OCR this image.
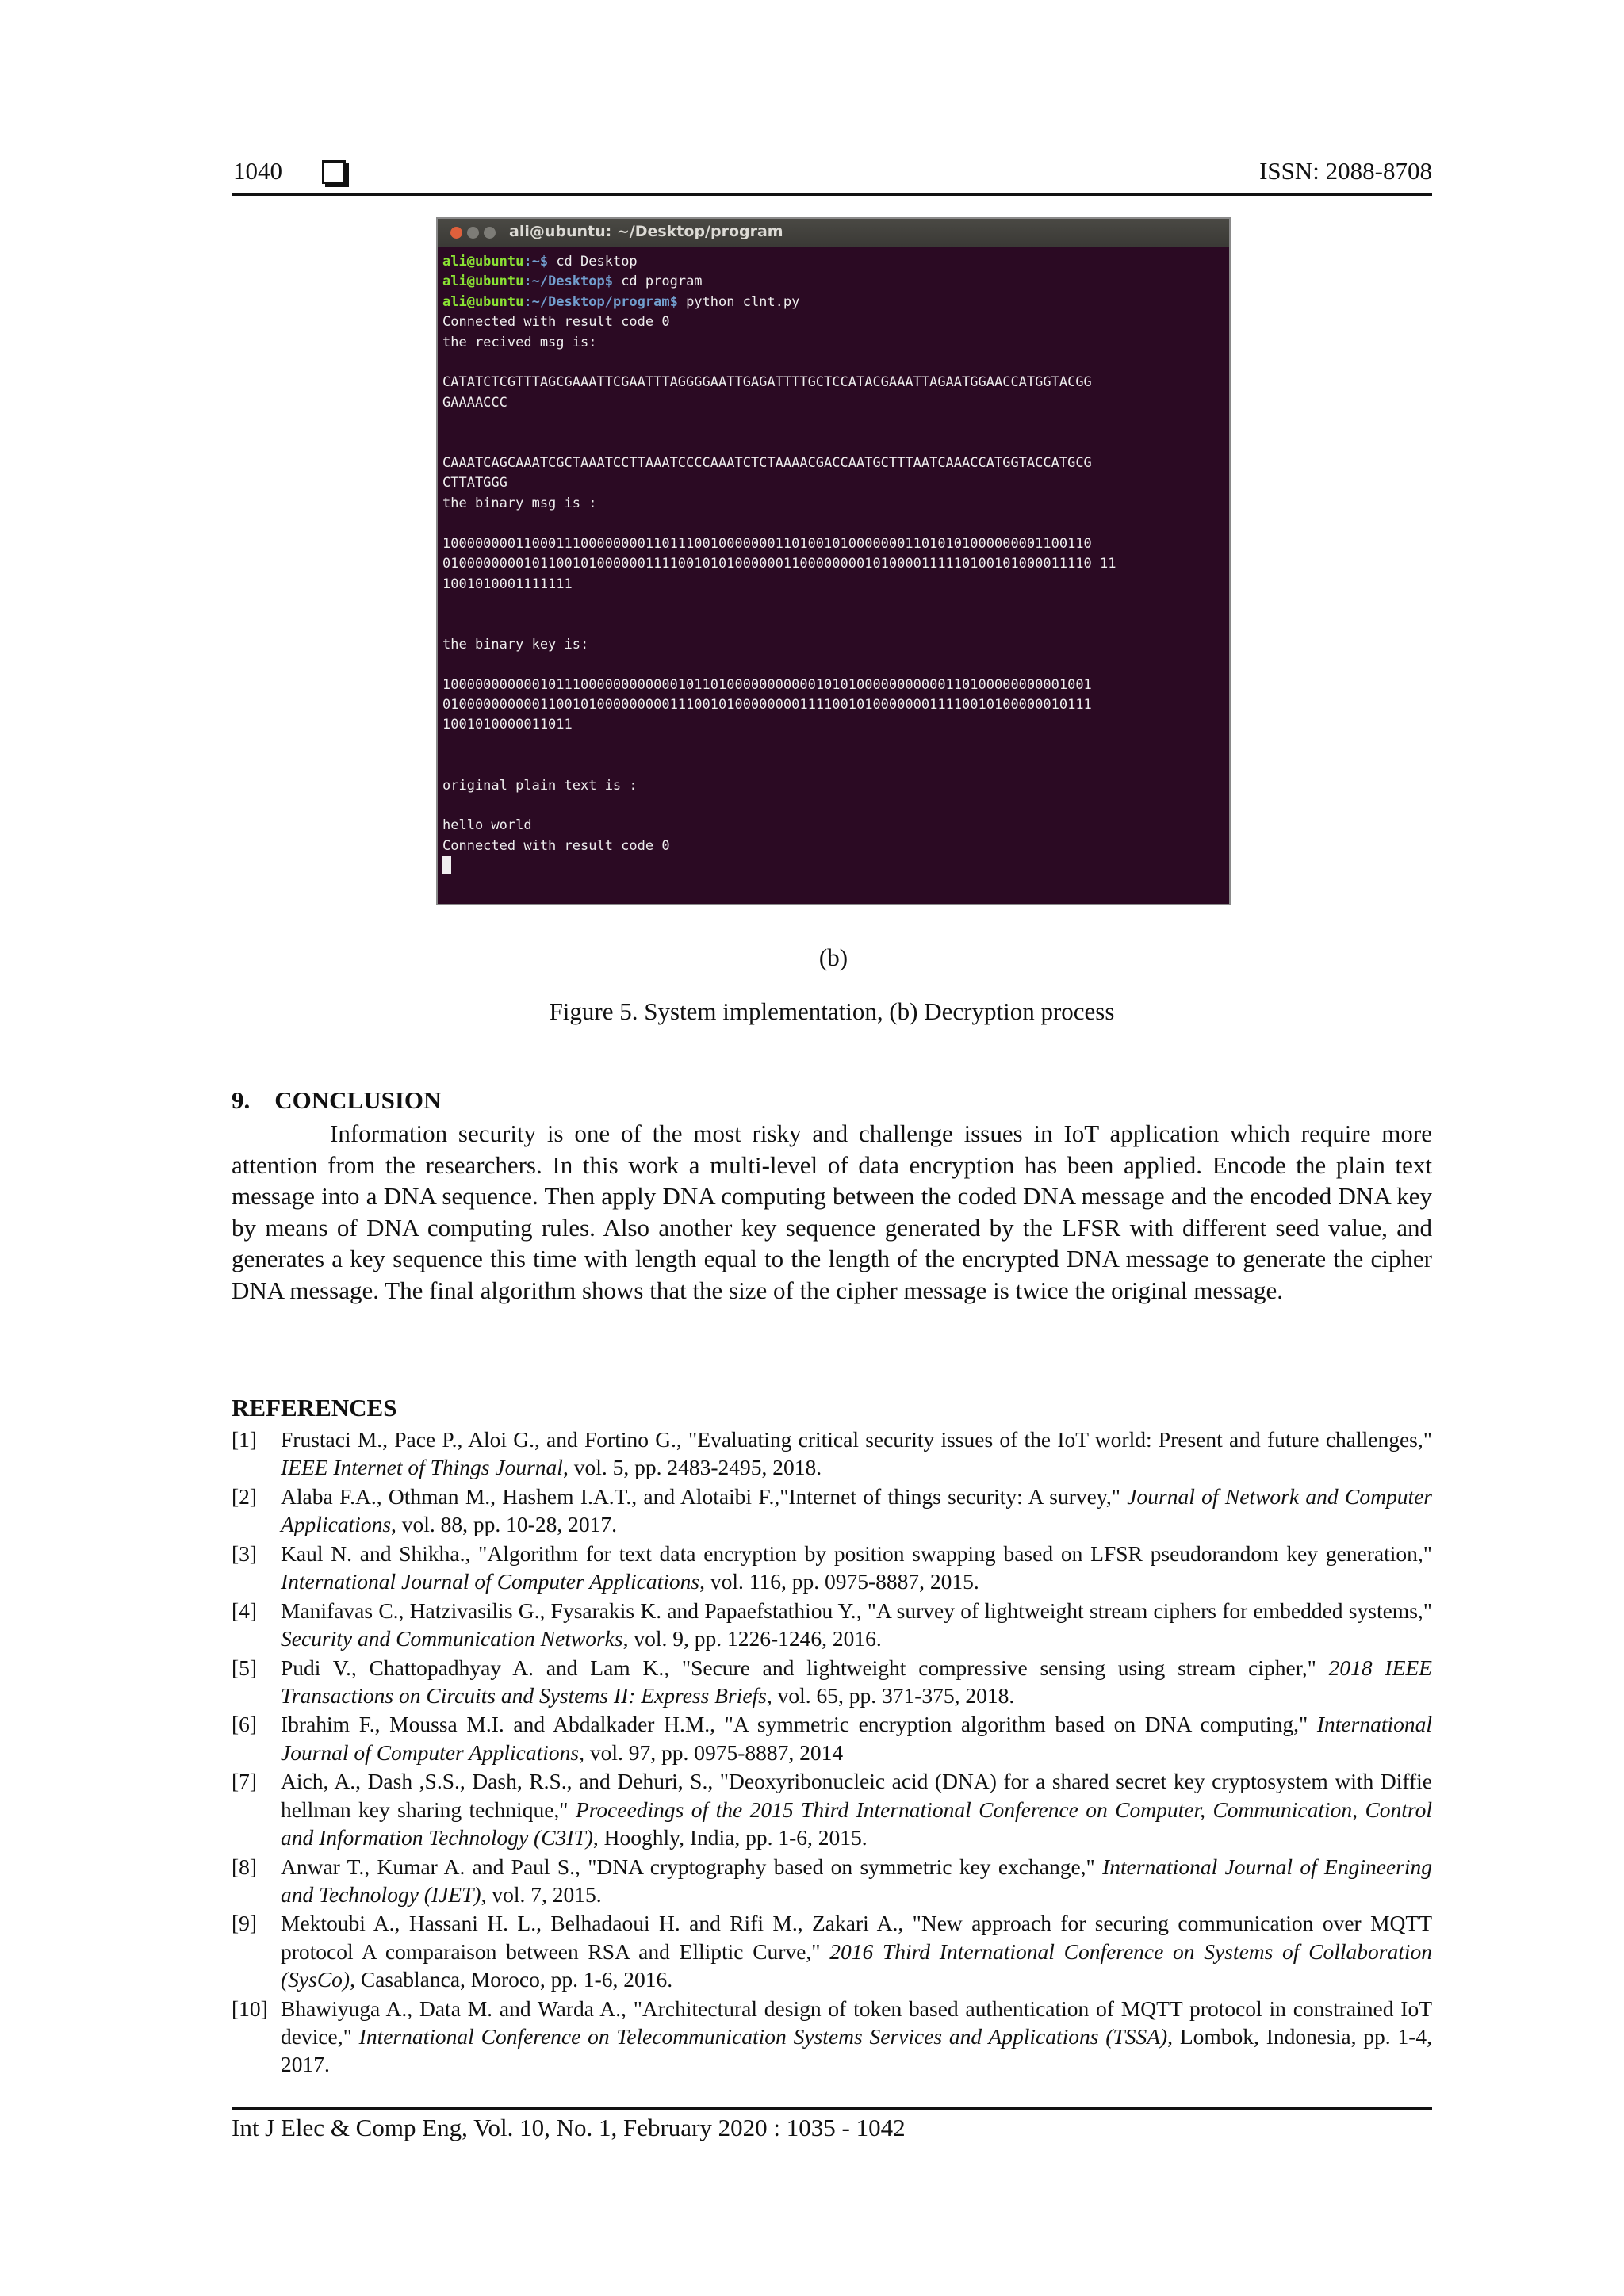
1040	ISSN: 2088-8708
ali@ubuntu: ~/Desktop/program
ali@ubuntu:~$ cd Desktop
ali@ubuntu:~/Desktop$ cd program
ali@ubuntu:~/Desktop/program$ python clnt.py
Connected with result code 0
the recived msg is:

CATATCTCGTTTAGCGAAATTCGAATTTAGGGGAATTGAGATTTTGCTCCATACGAAATTAGAATGGAACCATGGTACGG
GAAAACCC

CAAATCAGCAAATCGCTAAATCCTTAAATCCCCAAATCTCTAAAACGACCAATGCTTTAATCAAACCATGGTACCATGCG
CTTATGGG
the binary msg is :

10000000011000111000000001101110010000000110100101000000011010101000000001100110
01000000001011001010000001111001010100000011000000001010000111110100101000011110 11
1001010001111111

the binary key is:

10000000000010111000000000000101101000000000001010100000000000110100000000001001
01000000000011001010000000001110010100000000111100101000000011110010100000010111
1001010000011011

original plain text is :

hello world
Connected with result code 0

(b)
Figure 5. System implementation, (b) Decryption process
9. CONCLUSION

Information security is one of the most risky and challenge issues in IoT application which require more attention from the researchers. In this work a multi-level of data encryption has been applied. Encode the plain text message into a DNA sequence. Then apply DNA computing between the coded DNA message and the encoded DNA key by means of DNA computing rules. Also another key sequence generated by the LFSR with different seed value, and generates a key sequence this time with length equal to the length of the encrypted DNA message to generate the cipher DNA message. The final algorithm shows that the size of the cipher message is twice the original message.

REFERENCES

[1] Frustaci M., Pace P., Aloi G., and Fortino G., "Evaluating critical security issues of the IoT world: Present and future challenges," IEEE Internet of Things Journal, vol. 5, pp. 2483-2495, 2018.

[2] Alaba F.A., Othman M., Hashem I.A.T., and Alotaibi F.,"Internet of things security: A survey," Journal of Network and Computer Applications, vol. 88, pp. 10-28, 2017.

[3] Kaul N. and Shikha., "Algorithm for text data encryption by position swapping based on LFSR pseudorandom key generation," International Journal of Computer Applications, vol. 116, pp. 0975-8887, 2015.

[4] Manifavas C., Hatzivasilis G., Fysarakis K. and Papaefstathiou Y., "A survey of lightweight stream ciphers for embedded systems," Security and Communication Networks, vol. 9, pp. 1226-1246, 2016.

[5] Pudi V., Chattopadhyay A. and Lam K., "Secure and lightweight compressive sensing using stream cipher," 2018 IEEE Transactions on Circuits and Systems II: Express Briefs, vol. 65, pp. 371-375, 2018.

[6] Ibrahim F., Moussa M.I. and Abdalkader H.M., "A symmetric encryption algorithm based on DNA computing," International Journal of Computer Applications, vol. 97, pp. 0975-8887, 2014

[7] Aich, A., Dash ,S.S., Dash, R.S., and Dehuri, S., "Deoxyribonucleic acid (DNA) for a shared secret key cryptosystem with Diffie hellman key sharing technique," Proceedings of the 2015 Third International Conference on Computer, Communication, Control and Information Technology (C3IT), Hooghly, India, pp. 1-6, 2015.

[8] Anwar T., Kumar A. and Paul S., "DNA cryptography based on symmetric key exchange," International Journal of Engineering and Technology (IJET), vol. 7, 2015.

[9] Mektoubi A., Hassani H. L., Belhadaoui H. and Rifi M., Zakari A., "New approach for securing communication over MQTT protocol A comparaison between RSA and Elliptic Curve," 2016 Third International Conference on Systems of Collaboration (SysCo), Casablanca, Moroco, pp. 1-6, 2016.

[10] Bhawiyuga A., Data M. and Warda A., "Architectural design of token based authentication of MQTT protocol in constrained IoT device," International Conference on Telecommunication Systems Services and Applications (TSSA), Lombok, Indonesia, pp. 1-4, 2017.

Int J Elec & Comp Eng, Vol. 10, No. 1, February 2020 : 1035 - 1042
